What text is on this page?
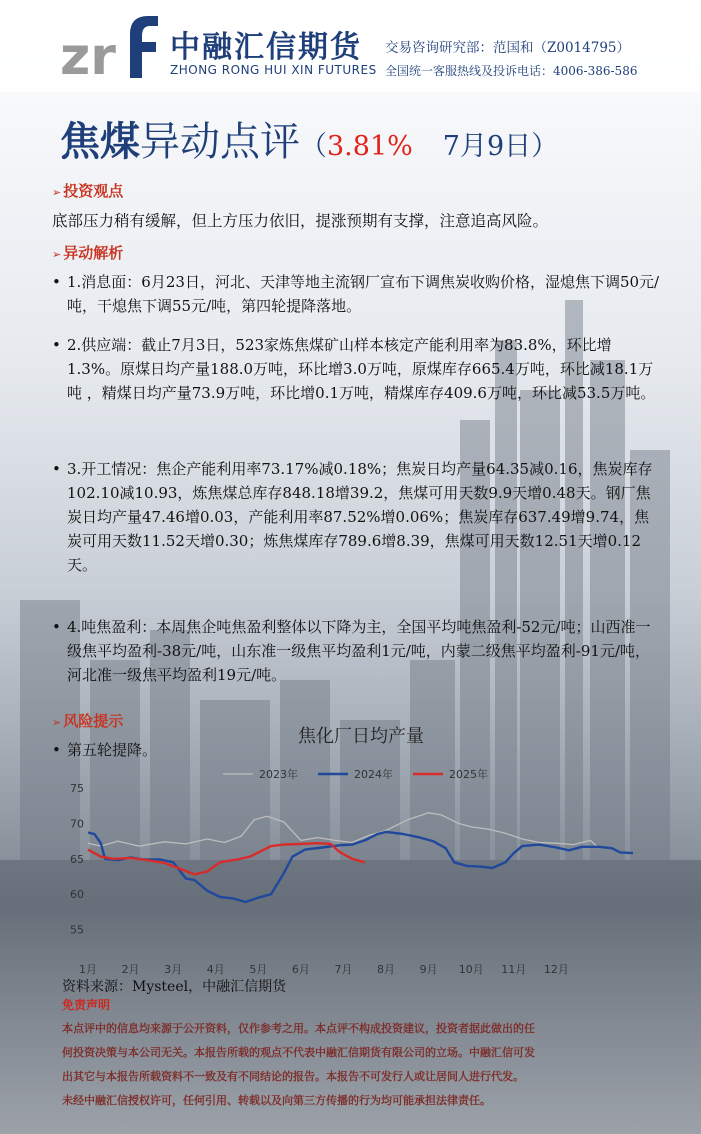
zr 中融汇信期货
ZHONG RONG HUI XIN FUTURES
交易咨询研究部：范国和（Z0014795）
全国统一客服热线及投诉电话：4006-386-586
焦煤异动点评（3.81% 7月9日）
➢ 投资观点
底部压力稍有缓解，但上方压力依旧，提涨预期有支撑，注意追高风险。
➢ 异动解析
• 1.消息面：6月23日，河北、天津等地主流钢厂宣布下调焦炭收购价格，湿熄焦下调50元/吨，干熄焦下调55元/吨，第四轮提降落地。
• 2.供应端：截止7月3日，523家炼焦煤矿山样本核定产能利用率为83.8%，环比增1.3%。原煤日均产量188.0万吨，环比增3.0万吨，原煤库存665.4万吨，环比减18.1万吨 ，精煤日均产量73.9万吨，环比增0.1万吨，精煤库存409.6万吨，环比减53.5万吨。
• 3.开工情况：焦企产能利用率73.17%减0.18%；焦炭日均产量64.35减0.16，焦炭库存102.10减10.93，炼焦煤总库存848.18增39.2，焦煤可用天数9.9天增0.48天。钢厂焦炭日均产量47.46增0.03，产能利用率87.52%增0.06%；焦炭库存637.49增9.74，焦炭可用天数11.52天增0.30；炼焦煤库存789.6增8.39，焦煤可用天数12.51天增0.12天。
• 4.吨焦盈利：本周焦企吨焦盈利整体以下降为主，全国平均吨焦盈利-52元/吨；山西准一级焦平均盈利-38元/吨，山东准一级焦平均盈利1元/吨，内蒙二级焦平均盈利-91元/吨，河北准一级焦平均盈利19元/吨。
➢ 风险提示
• 第五轮提降。
焦化厂日均产量
55
60
65
70
75
1月 2月 3月 4月 5月 6月 7月 8月 9月 10月 11月 12月
2023年	2024年	2025年
资料来源：Mysteel，中融汇信期货
免责声明
本点评中的信息均来源于公开资料，仅作参考之用。本点评不构成投资建议，投资者据此做出的任
何投资决策与本公司无关。本报告所载的观点不代表中融汇信期货有限公司的立场。中融汇信可发
出其它与本报告所载资料不一致及有不同结论的报告。本报告不可发行人或让居间人进行代发。
未经中融汇信授权许可，任何引用、转载以及向第三方传播的行为均可能承担法律责任。
